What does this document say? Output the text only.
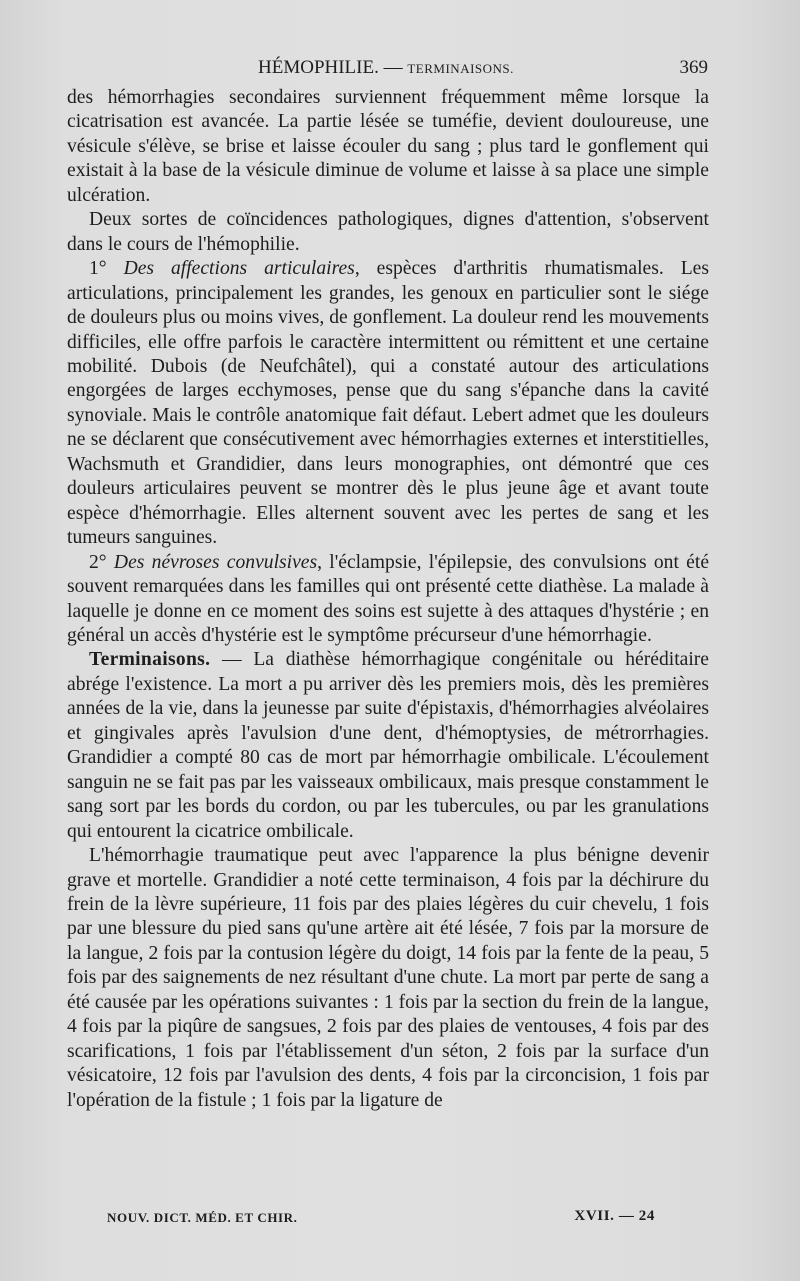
HÉMOPHILIE. — TERMINAISONS.	369

des hémorrhagies secondaires surviennent fréquemment même lorsque la cicatrisation est avancée. La partie lésée se tuméfie, devient douloureuse, une vésicule s'élève, se brise et laisse écouler du sang ; plus tard le gonflement qui existait à la base de la vésicule diminue de volume et laisse à sa place une simple ulcération.

Deux sortes de coïncidences pathologiques, dignes d'attention, s'observent dans le cours de l'hémophilie.

1° Des affections articulaires, espèces d'arthritis rhumatismales. Les articulations, principalement les grandes, les genoux en particulier sont le siége de douleurs plus ou moins vives, de gonflement. La douleur rend les mouvements difficiles, elle offre parfois le caractère intermittent ou rémittent et une certaine mobilité. Dubois (de Neufchâtel), qui a constaté autour des articulations engorgées de larges ecchymoses, pense que du sang s'épanche dans la cavité synoviale. Mais le contrôle anatomique fait défaut. Lebert admet que les douleurs ne se déclarent que consécutivement avec hémorrhagies externes et interstitielles, Wachsmuth et Grandidier, dans leurs monographies, ont démontré que ces douleurs articulaires peuvent se montrer dès le plus jeune âge et avant toute espèce d'hémorrhagie. Elles alternent souvent avec les pertes de sang et les tumeurs sanguines.

2° Des névroses convulsives, l'éclampsie, l'épilepsie, des convulsions ont été souvent remarquées dans les familles qui ont présenté cette diathèse. La malade à laquelle je donne en ce moment des soins est sujette à des attaques d'hystérie ; en général un accès d'hystérie est le symptôme précurseur d'une hémorrhagie.

Terminaisons. — La diathèse hémorrhagique congénitale ou héréditaire abrége l'existence. La mort a pu arriver dès les premiers mois, dès les premières années de la vie, dans la jeunesse par suite d'épistaxis, d'hémorrhagies alvéolaires et gingivales après l'avulsion d'une dent, d'hémoptysies, de métrorrhagies. Grandidier a compté 80 cas de mort par hémorrhagie ombilicale. L'écoulement sanguin ne se fait pas par les vaisseaux ombilicaux, mais presque constamment le sang sort par les bords du cordon, ou par les tubercules, ou par les granulations qui entourent la cicatrice ombilicale.

L'hémorrhagie traumatique peut avec l'apparence la plus bénigne devenir grave et mortelle. Grandidier a noté cette terminaison, 4 fois par la déchirure du frein de la lèvre supérieure, 11 fois par des plaies légères du cuir chevelu, 1 fois par une blessure du pied sans qu'une artère ait été lésée, 7 fois par la morsure de la langue, 2 fois par la contusion légère du doigt, 14 fois par la fente de la peau, 5 fois par des saignements de nez résultant d'une chute. La mort par perte de sang a été causée par les opérations suivantes : 1 fois par la section du frein de la langue, 4 fois par la piqûre de sangsues, 2 fois par des plaies de ventouses, 4 fois par des scarifications, 1 fois par l'établissement d'un séton, 2 fois par la surface d'un vésicatoire, 12 fois par l'avulsion des dents, 4 fois par la circoncision, 1 fois par l'opération de la fistule ; 1 fois par la ligature de

NOUV. DICT. MÉD. ET CHIR.	XVII. — 24
